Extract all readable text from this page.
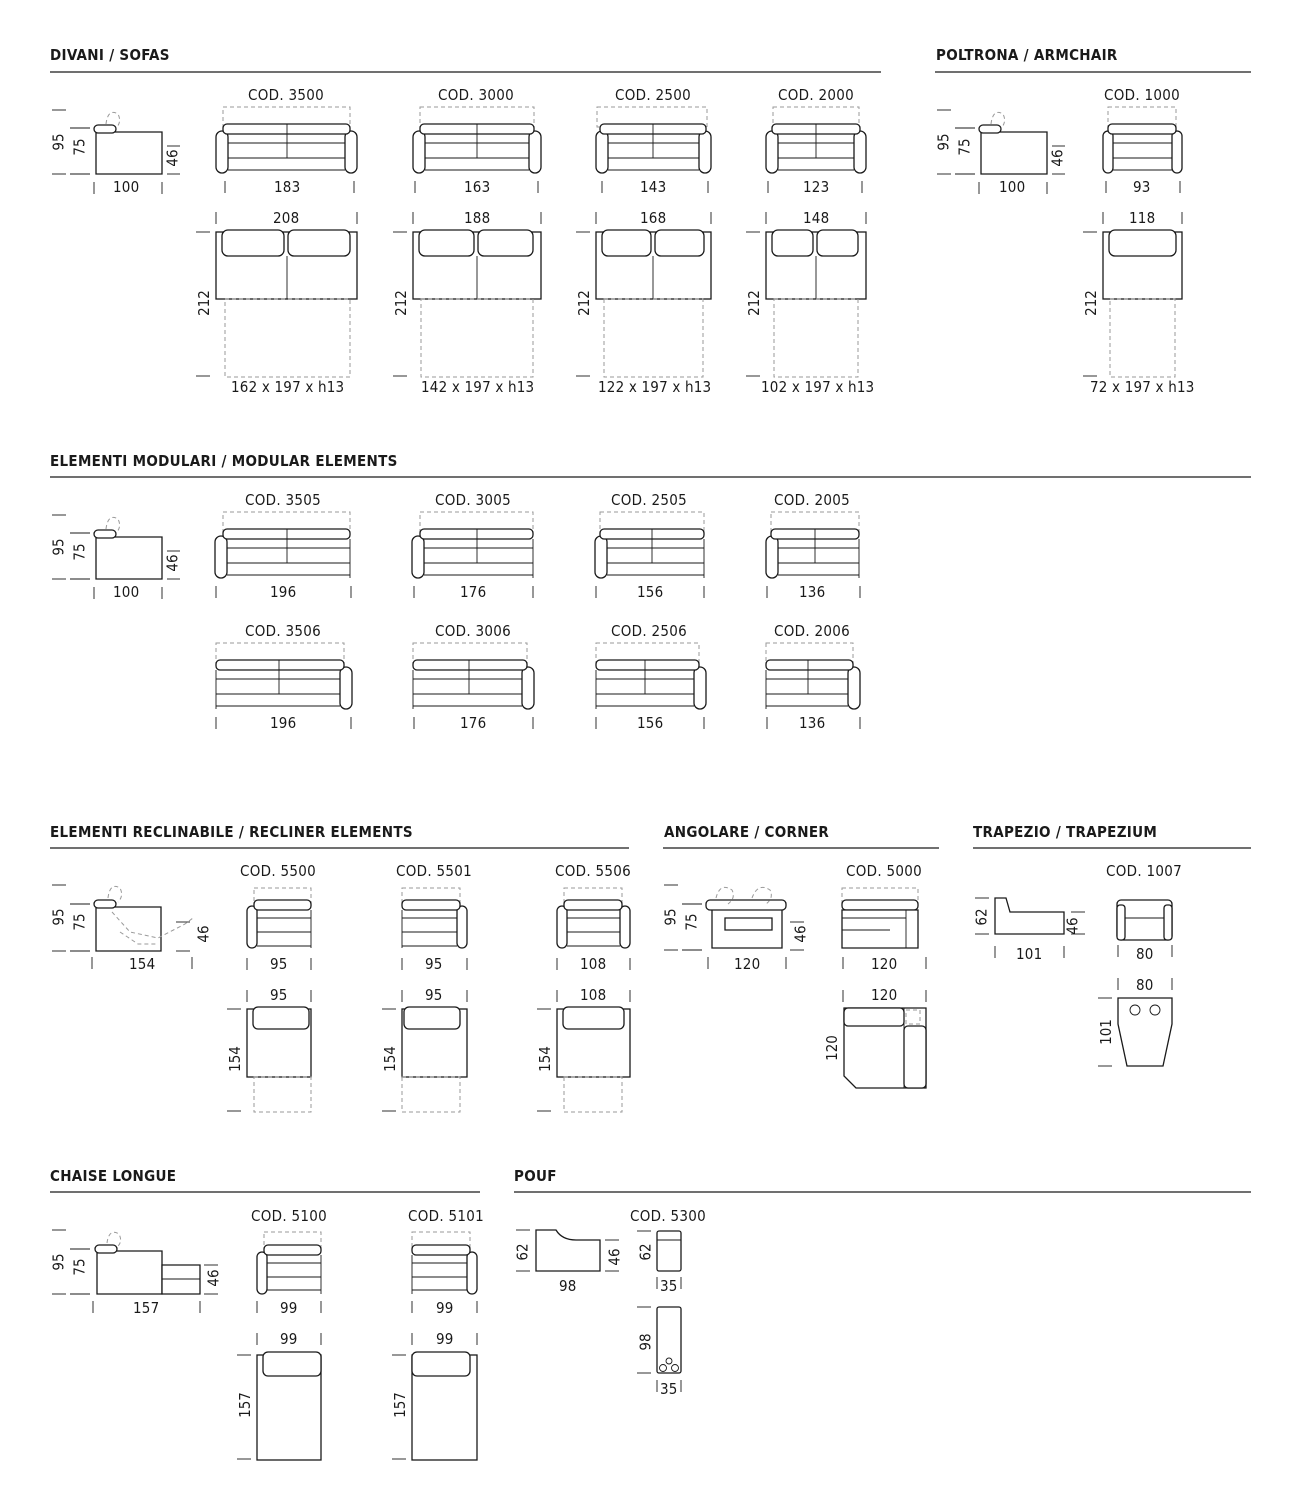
DIVANI / SOFAS	POLTRONA / ARMCHAIR
ELEMENTI MODULARI / MODULAR ELEMENTS
ELEMENTI RECLINABILE / RECLINER ELEMENTS	ANGOLARE / CORNER	TRAPEZIO / TRAPEZIUM
CHAISE LONGUE	POUF
95 75
46
100
COD. 3500	COD. 3000	COD. 2500	COD. 2000
183	163	143	123
208	188	168	148
212	212	212	212
162 x 197 x h13	142 x 197 x h13	122 x 197 x h13	102 x 197 x h13
95 75
46
100
COD. 1000
93
118
212
72 x 197 x h13
95 75
46
100
COD. 3505	COD. 3005	COD. 2505	COD. 2005
196	176	156	136
COD. 3506	COD. 3006	COD. 2506	COD. 2006
196	176	156	136
95 75
46
154
COD. 5500	COD. 5501	COD. 5506
95	95	108
95	95	108
154	154	154
95 75
46
120
COD. 5000
120
120
120
62
46
101
COD. 1007
80
80
101
95 75
46
157
COD. 5100	COD. 5101
99	99
99	99
157	157
62	46
98
COD. 5300
62
35
98
35
